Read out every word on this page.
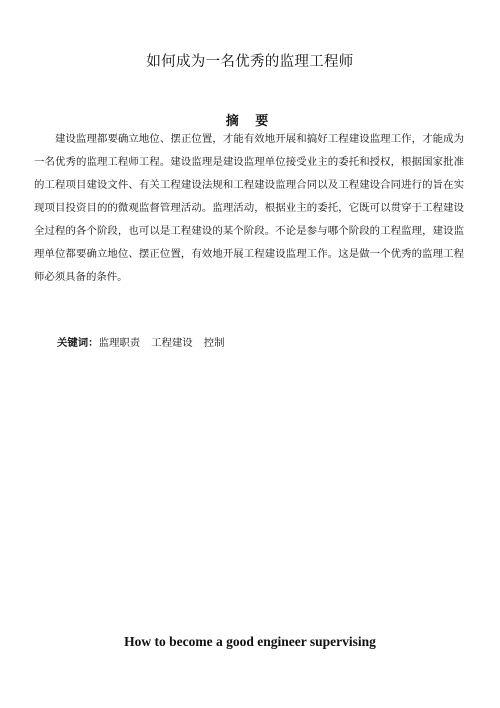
如何成为一名优秀的监理工程师
摘 要

建设监理都要确立地位、摆正位置，才能有效地开展和搞好工程建设监理工作，才能成为一名优秀的监理工程师工程。建设监理是建设监理单位接受业主的委托和授权，根据国家批准的工程项目建设文件、有关工程建设法规和工程建设监理合同以及工程建设合同进行的旨在实现项目投资目的的微观监督管理活动。监理活动，根据业主的委托，它既可以贯穿于工程建设全过程的各个阶段，也可以是工程建设的某个阶段。不论是参与哪个阶段的工程监理，建设监理单位都要确立地位、摆正位置，有效地开展工程建设监理工作。这是做一个优秀的监理工程师必须具备的条件。

关键词：监理职责 工程建设 控制
How to become a good engineer supervising
